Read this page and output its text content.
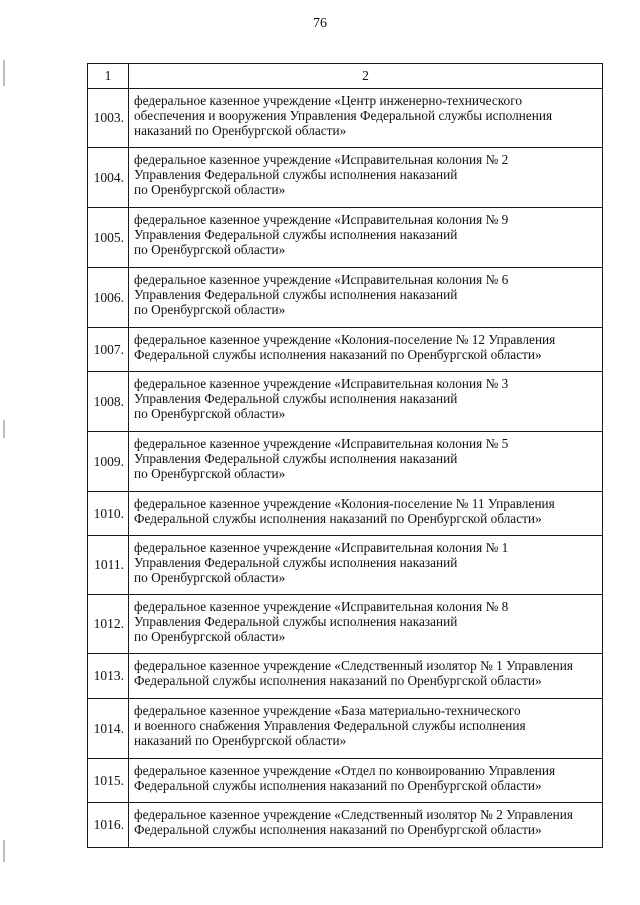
76
1	2
1003.	федеральное казенное учреждение «Центр инженерно-технического
обеспечения и вооружения Управления Федеральной службы исполнения
наказаний по Оренбургской области»

1004.	федеральное казенное учреждение «Исправительная колония № 2
Управления Федеральной службы исполнения наказаний
по Оренбургской области»

1005.	федеральное казенное учреждение «Исправительная колония № 9
Управления Федеральной службы исполнения наказаний
по Оренбургской области»

1006.	федеральное казенное учреждение «Исправительная колония № 6
Управления Федеральной службы исполнения наказаний
по Оренбургской области»

1007.	федеральное казенное учреждение «Колония-поселение № 12 Управления
Федеральной службы исполнения наказаний по Оренбургской области»

1008.	федеральное казенное учреждение «Исправительная колония № 3
Управления Федеральной службы исполнения наказаний
по Оренбургской области»

1009.	федеральное казенное учреждение «Исправительная колония № 5
Управления Федеральной службы исполнения наказаний
по Оренбургской области»

1010.	федеральное казенное учреждение «Колония-поселение № 11 Управления
Федеральной службы исполнения наказаний по Оренбургской области»

1011.	федеральное казенное учреждение «Исправительная колония № 1
Управления Федеральной службы исполнения наказаний
по Оренбургской области»

1012.	федеральное казенное учреждение «Исправительная колония № 8
Управления Федеральной службы исполнения наказаний
по Оренбургской области»

1013.	федеральное казенное учреждение «Следственный изолятор № 1 Управления
Федеральной службы исполнения наказаний по Оренбургской области»

1014.	федеральное казенное учреждение «База материально-технического
и военного снабжения Управления Федеральной службы исполнения
наказаний по Оренбургской области»

1015.	федеральное казенное учреждение «Отдел по конвоированию Управления
Федеральной службы исполнения наказаний по Оренбургской области»

1016.	федеральное казенное учреждение «Следственный изолятор № 2 Управления
Федеральной службы исполнения наказаний по Оренбургской области»
